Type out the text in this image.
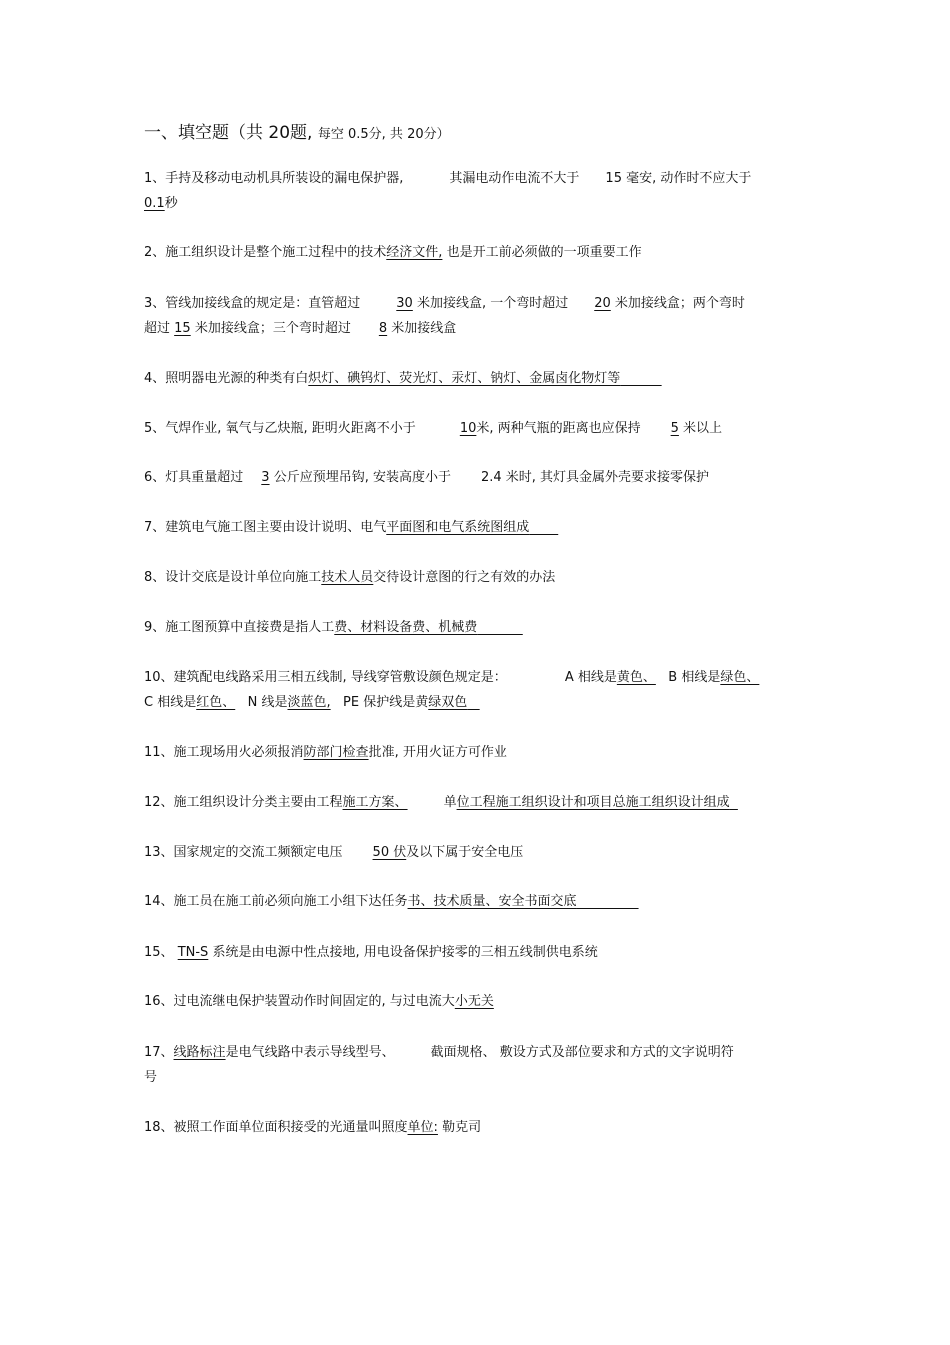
一、填空题（共 20题, 每空 0.5分, 共 20分）
1、手持及移动电动机具所装设的漏电保护器,	其漏电动作电流不大于 15 毫安, 动作时不应大于
0.1秒
2、施工组织设计是整个施工过程中的技术经济文件, 也是开工前必须做的一项重要工作
3、管线加接线盒的规定是：直管超过	30 米加接线盒, 一个弯时超过 20 米加接线盒；两个弯时
超过 15 米加接线盒；三个弯时超过 8 米加接线盒
4、照明器电光源的种类有白炽灯、碘钨灯、荧光灯、汞灯、钠灯、金属卤化物灯等
5、气焊作业, 氧气与乙炔瓶, 距明火距离不小于	10米, 两种气瓶的距离也应保持 5 米以上
6、灯具重量超过 3 公斤应预埋吊钩, 安装高度小于 2.4 米时, 其灯具金属外壳要求接零保护
7、建筑电气施工图主要由设计说明、电气平面图和电气系统图组成
8、设计交底是设计单位向施工技术人员交待设计意图的行之有效的办法
9、施工图预算中直接费是指人工费、材料设备费、机械费
10、建筑配电线路采用三相五线制, 导线穿管敷设颜色规定是：	A 相线是黄色、 B 相线是绿色、
C 相线是红色、 N 线是淡蓝色, PE 保护线是黄绿双色
11、施工现场用火必须报消防部门检查批准, 开用火证方可作业
12、施工组织设计分类主要由工程施工方案、	单位工程施工组织设计和项目总施工组织设计组成
13、国家规定的交流工频额定电压 50 伏及以下属于安全电压
14、施工员在施工前必须向施工小组下达任务书、技术质量、安全书面交底
15、 TN-S 系统是由电源中性点接地, 用电设备保护接零的三相五线制供电系统
16、过电流继电保护装置动作时间固定的, 与过电流大小无关
17、线路标注是电气线路中表示导线型号、	截面规格、 敷设方式及部位要求和方式的文字说明符
号
18、被照工作面单位面积接受的光通量叫照度单位: 勒克司
